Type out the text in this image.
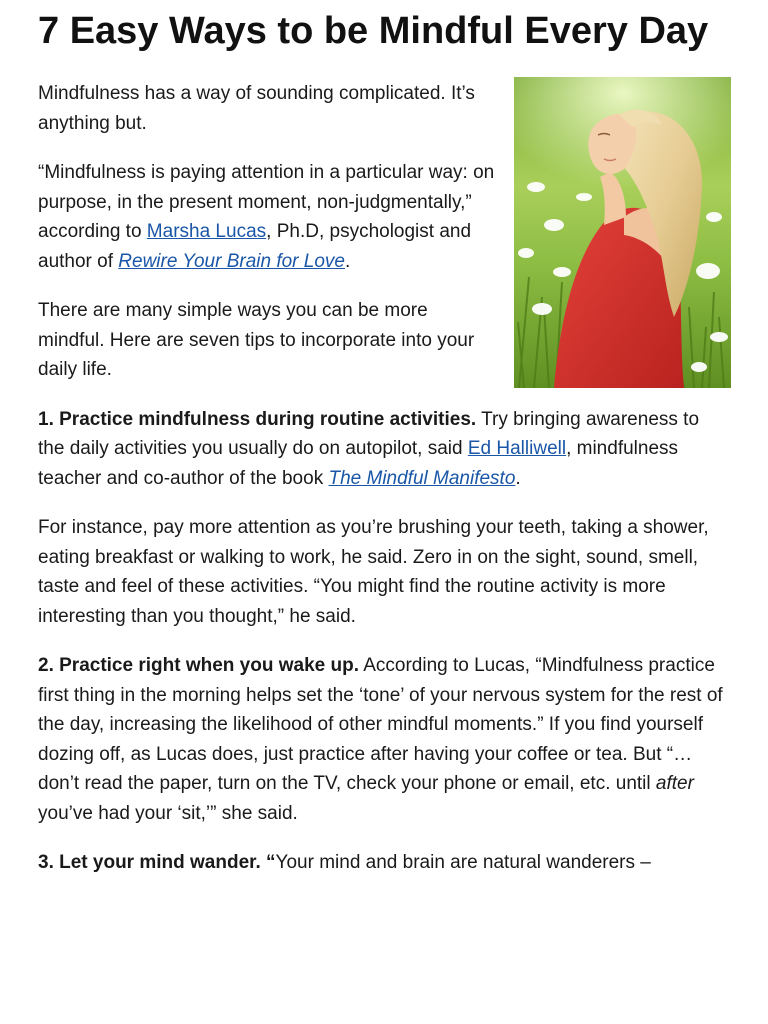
7 Easy Ways to be Mindful Every Day

Mindfulness has a way of sounding complicated. It’s anything but.

“Mindfulness is paying attention in a particular way: on purpose, in the present moment, non-judgmentally,” according to Marsha Lucas, Ph.D, psychologist and author of Rewire Your Brain for Love.

There are many simple ways you can be more mindful. Here are seven tips to incorporate into your daily life.

1. Practice mindfulness during routine activities. Try bringing awareness to the daily activities you usually do on autopilot, said Ed Halliwell, mindfulness teacher and co-author of the book The Mindful Manifesto.

For instance, pay more attention as you’re brushing your teeth, taking a shower, eating breakfast or walking to work, he said. Zero in on the sight, sound, smell, taste and feel of these activities. “You might find the routine activity is more interesting than you thought,” he said.

2. Practice right when you wake up. According to Lucas, “Mindfulness practice first thing in the morning helps set the ‘tone’ of your nervous system for the rest of the day, increasing the likelihood of other mindful moments.” If you find yourself dozing off, as Lucas does, just practice after having your coffee or tea. But “…don’t read the paper, turn on the TV, check your phone or email, etc. until after you’ve had your ‘sit,’” she said.

3. Let your mind wander. “Your mind and brain are natural wanderers –
